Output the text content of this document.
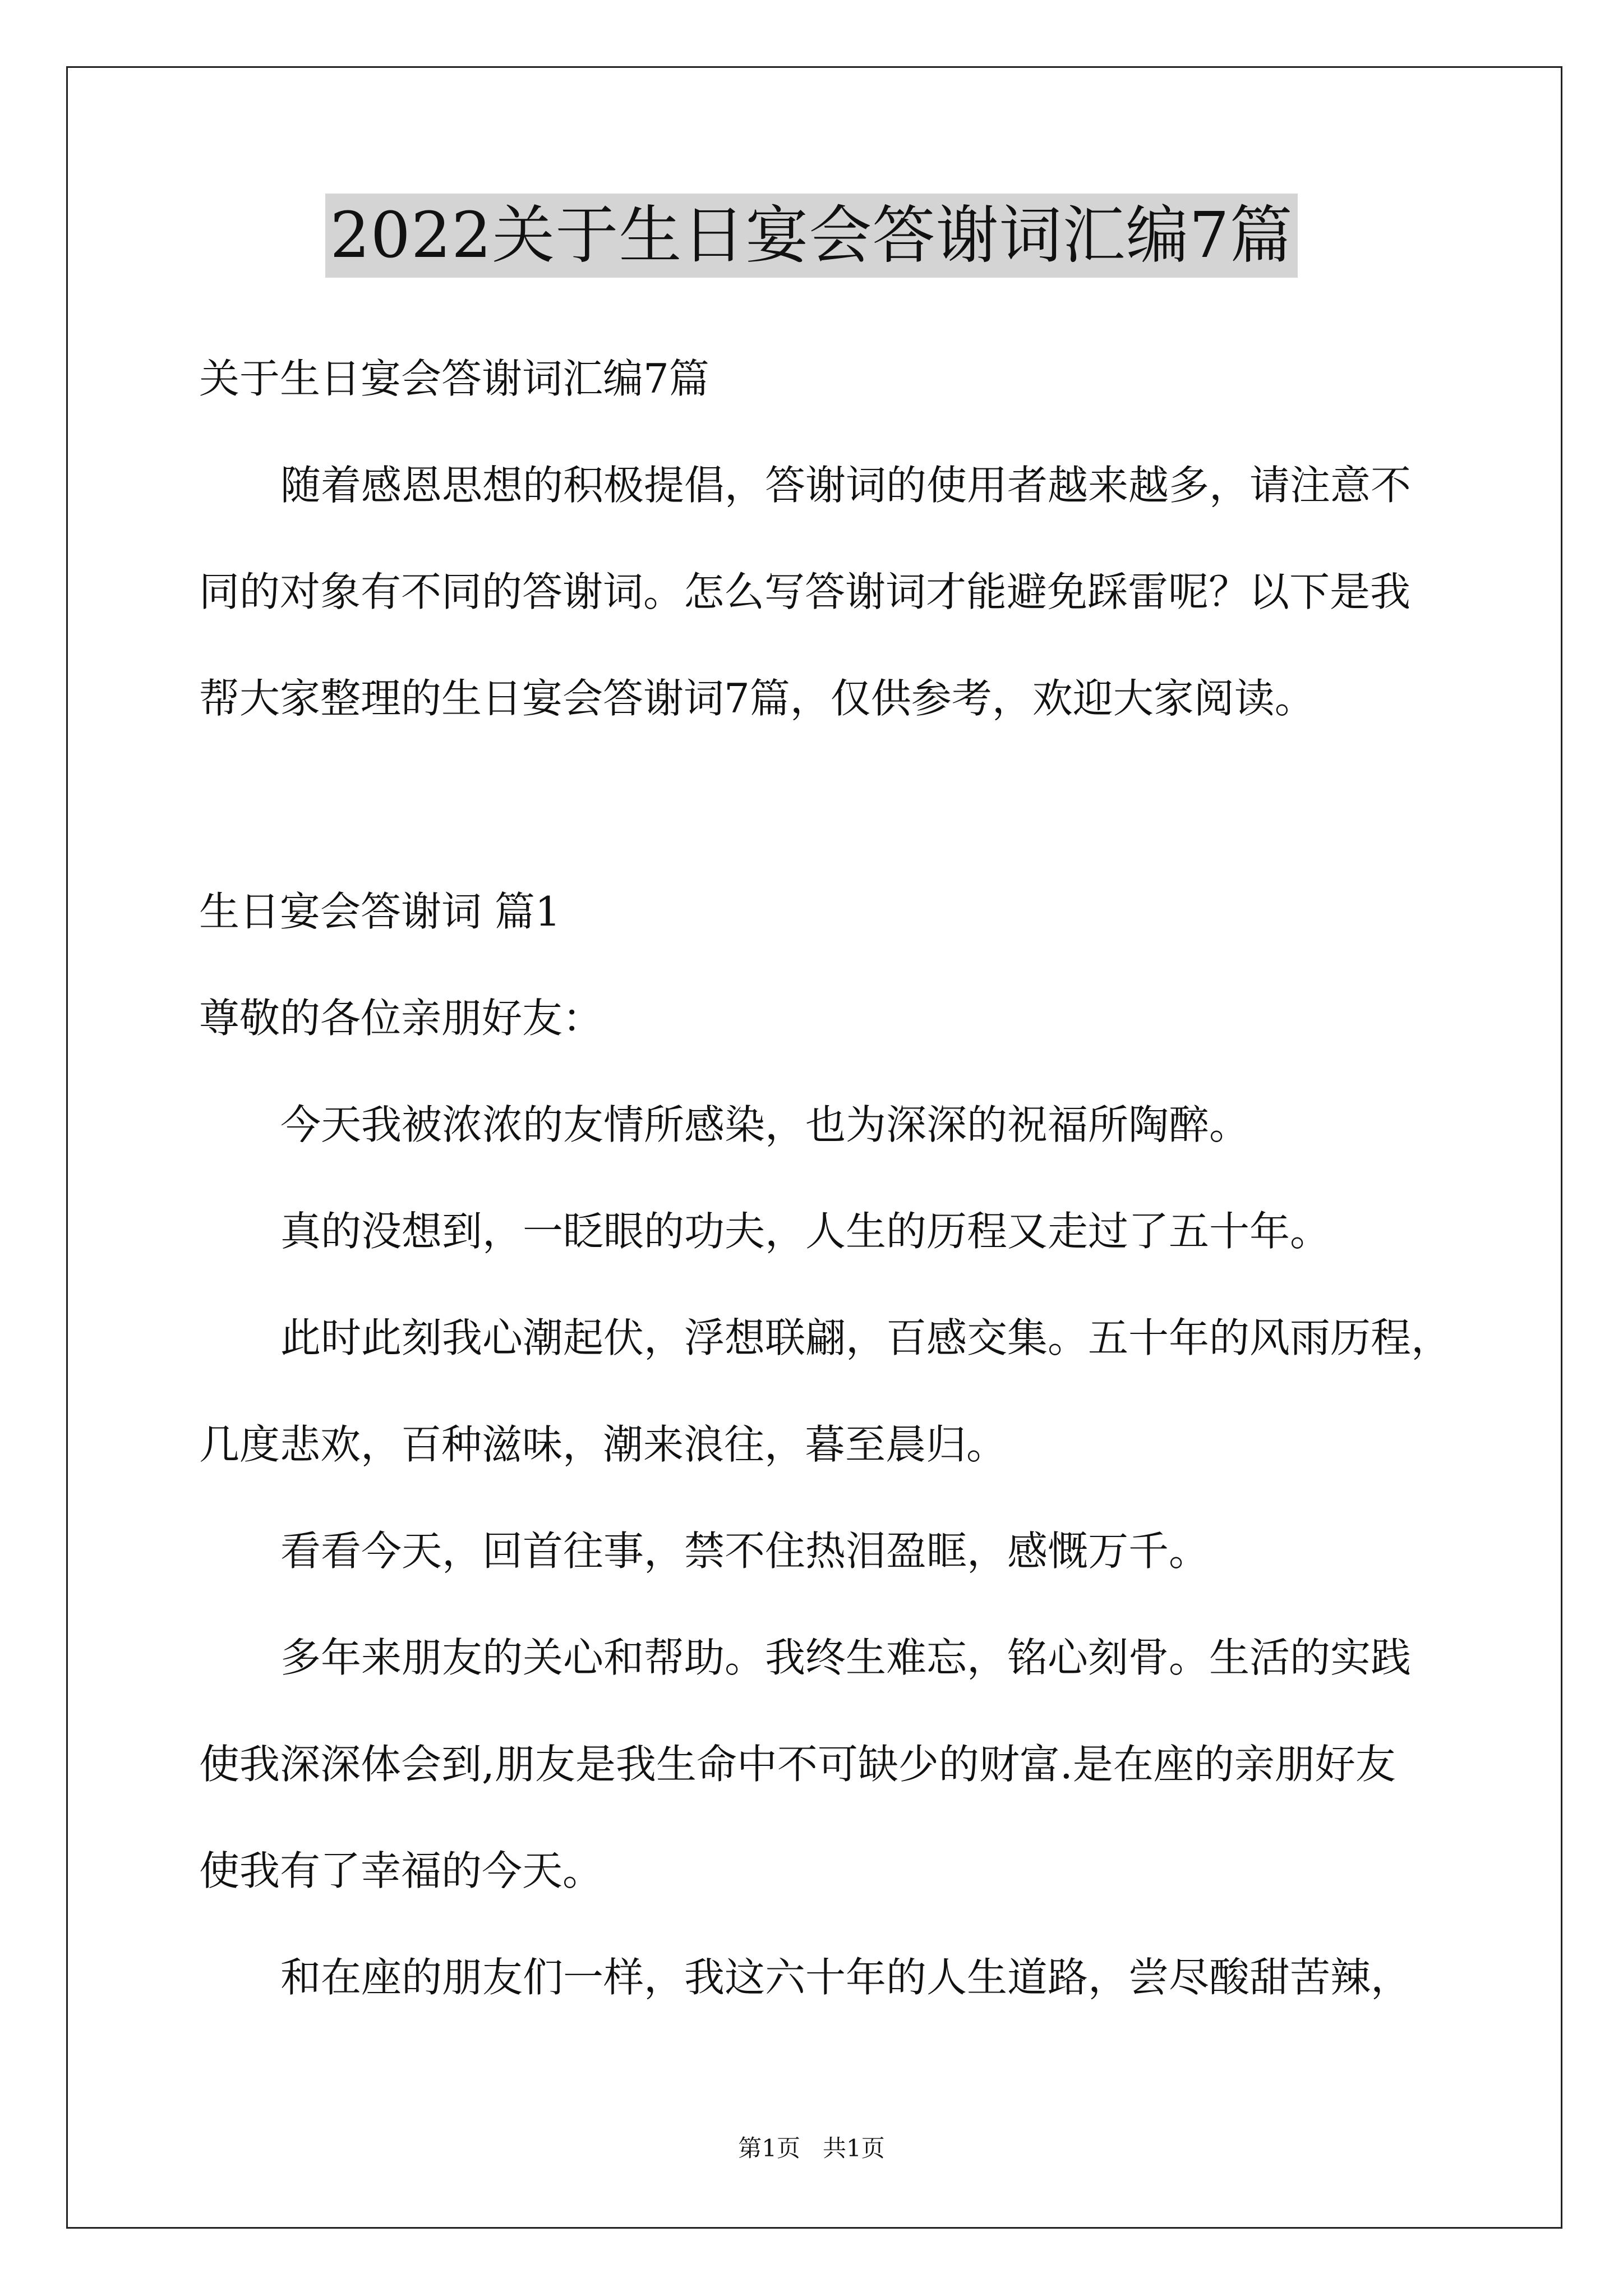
2022关于生日宴会答谢词汇编7篇
关于生日宴会答谢词汇编7篇
随着感恩思想的积极提倡，答谢词的使用者越来越多，请注意不
同的对象有不同的答谢词。怎么写答谢词才能避免踩雷呢？以下是我
帮大家整理的生日宴会答谢词7篇，仅供参考，欢迎大家阅读。
生日宴会答谢词 篇1
尊敬的各位亲朋好友：
今天我被浓浓的友情所感染，也为深深的祝福所陶醉。
真的没想到，一眨眼的功夫，人生的历程又走过了五十年。
此时此刻我心潮起伏，浮想联翩，百感交集。五十年的风雨历程，
几度悲欢，百种滋味，潮来浪往，暮至晨归。
看看今天，回首往事，禁不住热泪盈眶，感慨万千。
多年来朋友的关心和帮助。我终生难忘，铭心刻骨。生活的实践
使我深深体会到,朋友是我生命中不可缺少的财富.是在座的亲朋好友
使我有了幸福的今天。
和在座的朋友们一样，我这六十年的人生道路，尝尽酸甜苦辣，
第1页 共1页
